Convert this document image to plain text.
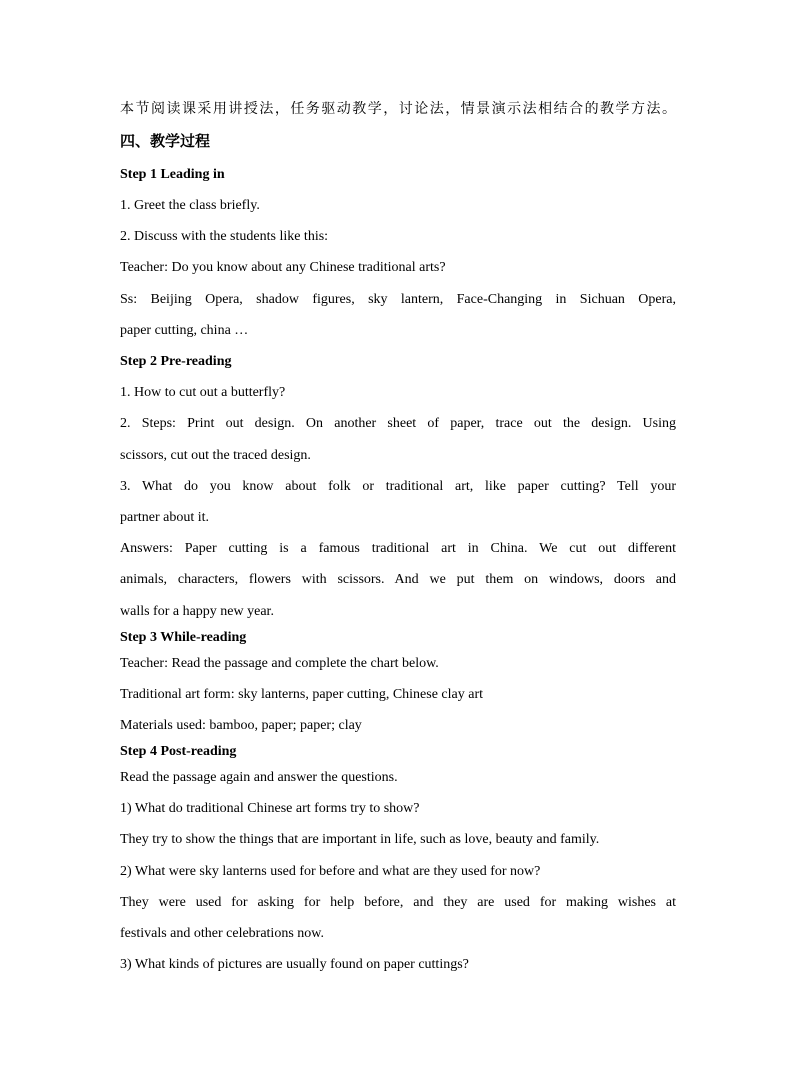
本节阅读课采用讲授法，任务驱动教学，讨论法，情景演示法相结合的教学方法。
四、教学过程
Step 1 Leading in
1. Greet the class briefly.
2. Discuss with the students like this:
Teacher: Do you know about any Chinese traditional arts?
Ss: Beijing Opera, shadow figures, sky lantern, Face-Changing in Sichuan Opera,
paper cutting, china …
Step 2 Pre-reading
1. How to cut out a butterfly?
2. Steps: Print out design. On another sheet of paper, trace out the design. Using
scissors, cut out the traced design.
3. What do you know about folk or traditional art, like paper cutting? Tell your
partner about it.
Answers: Paper cutting is a famous traditional art in China. We cut out different
animals, characters, flowers with scissors. And we put them on windows, doors and
walls for a happy new year.
Step 3 While-reading
Teacher: Read the passage and complete the chart below.
Traditional art form: sky lanterns, paper cutting, Chinese clay art
Materials used: bamboo, paper; paper; clay
Step 4 Post-reading
Read the passage again and answer the questions.
1) What do traditional Chinese art forms try to show?
They try to show the things that are important in life, such as love, beauty and family.
2) What were sky lanterns used for before and what are they used for now?
They were used for asking for help before, and they are used for making wishes at
festivals and other celebrations now.
3) What kinds of pictures are usually found on paper cuttings?
